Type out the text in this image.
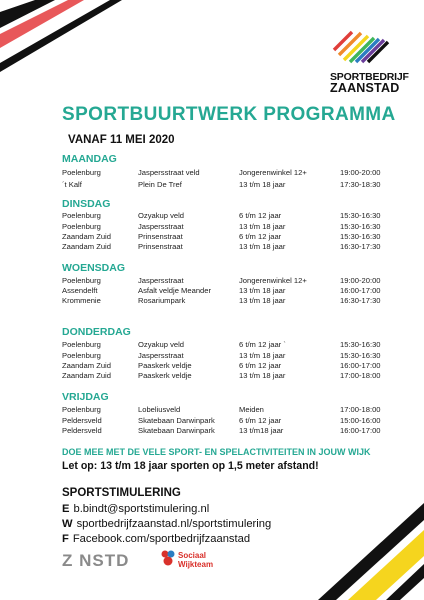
SPORTBEDRIJF
ZAANSTAD
SPORTBUURTWERK PROGRAMMA
VANAF 11 MEI 2020
MAANDAG
Poelenburg	Jaspersstraat veld	Jongerenwinkel 12+	19:00-20:00
´t Kalf	Plein De Tref	13 t/m 18 jaar	17:30-18:30
DINSDAG
Poelenburg	Ozyakup veld	6 t/m 12 jaar	15:30-16:30
Poelenburg	Jaspersstraat	13 t/m 18 jaar	15:30-16:30
Zaandam Zuid	Prinsenstraat	6 t/m 12 jaar	15:30-16:30
Zaandam Zuid	Prinsenstraat	13 t/m 18 jaar	16:30-17:30
WOENSDAG
Poelenburg	Jaspersstraat	Jongerenwinkel 12+	19:00-20:00
Assendelft	Asfalt veldje Meander	13 t/m 18 jaar	16:00-17:00
Krommenie	Rosariumpark	13 t/m 18 jaar	16:30-17:30
DONDERDAG
Poelenburg	Ozyakup veld	6 t/m 12 jaar `	15:30-16:30
Poelenburg	Jaspersstraat	13 t/m 18 jaar	15:30-16:30
Zaandam Zuid	Paaskerk veldje	6 t/m 12 jaar	16:00-17:00
Zaandam Zuid	Paaskerk veldje	13 t/m 18 jaar	17:00-18:00
VRIJDAG
Poelenburg	Lobeliusveld	Meiden	17:00-18:00
Peldersveld	Skatebaan Darwinpark	6 t/m 12 jaar	15:00-16:00
Peldersveld	Skatebaan Darwinpark	13 t/m18 jaar	16:00-17:00
DOE MEE MET DE VELE SPORT- EN SPELACTIVITEITEN IN JOUW WIJK
Let op: 13 t/m 18 jaar sporten op 1,5 meter afstand!
SPORTSTIMULERING
E b.bindt@sportstimulering.nl
W sportbedrijfzaanstad.nl/sportstimulering
F Facebook.com/sportbedrijfzaanstad
Z NSTD	Sociaal
Wijkteam
